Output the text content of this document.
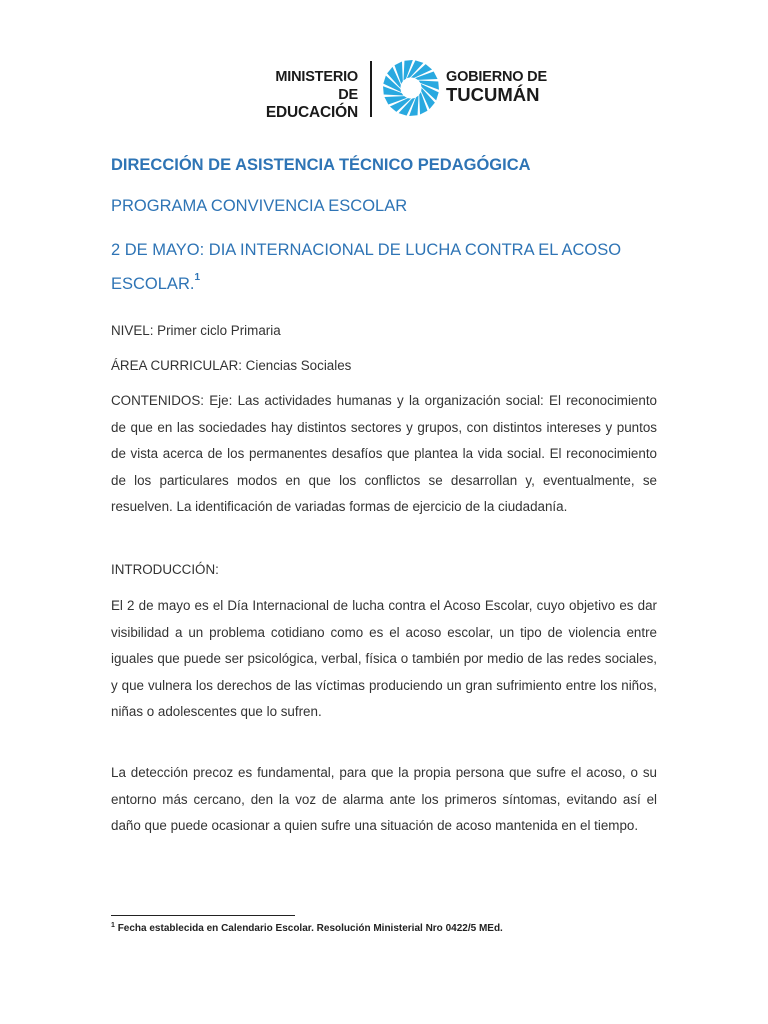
MINISTERIO DE
EDUCACIÓN
GOBIERNO DE
TUCUMÁN
DIRECCIÓN DE ASISTENCIA TÉCNICO PEDAGÓGICA
PROGRAMA CONVIVENCIA ESCOLAR
2 DE MAYO: DIA INTERNACIONAL DE LUCHA CONTRA EL ACOSO ESCOLAR.$^1$

NIVEL: Primer ciclo Primaria

ÁREA CURRICULAR: Ciencias Sociales

CONTENIDOS: Eje: Las actividades humanas y la organización social: El reconocimiento de que en las sociedades hay distintos sectores y grupos, con distintos intereses y puntos de vista acerca de los permanentes desafíos que plantea la vida social. El reconocimiento de los particulares modos en que los conflictos se desarrollan y, eventualmente, se resuelven. La identificación de variadas formas de ejercicio de la ciudadanía.

INTRODUCCIÓN:

El 2 de mayo es el Día Internacional de lucha contra el Acoso Escolar, cuyo objetivo es dar visibilidad a un problema cotidiano como es el acoso escolar, un tipo de violencia entre iguales que puede ser psicológica, verbal, física o también por medio de las redes sociales, y que vulnera los derechos de las víctimas produciendo un gran sufrimiento entre los niños, niñas o adolescentes que lo sufren.

La detección precoz es fundamental, para que la propia persona que sufre el acoso, o su entorno más cercano, den la voz de alarma ante los primeros síntomas, evitando así el daño que puede ocasionar a quien sufre una situación de acoso mantenida en el tiempo.

$^1$ Fecha establecida en Calendario Escolar. Resolución Ministerial Nro 0422/5 MEd.
